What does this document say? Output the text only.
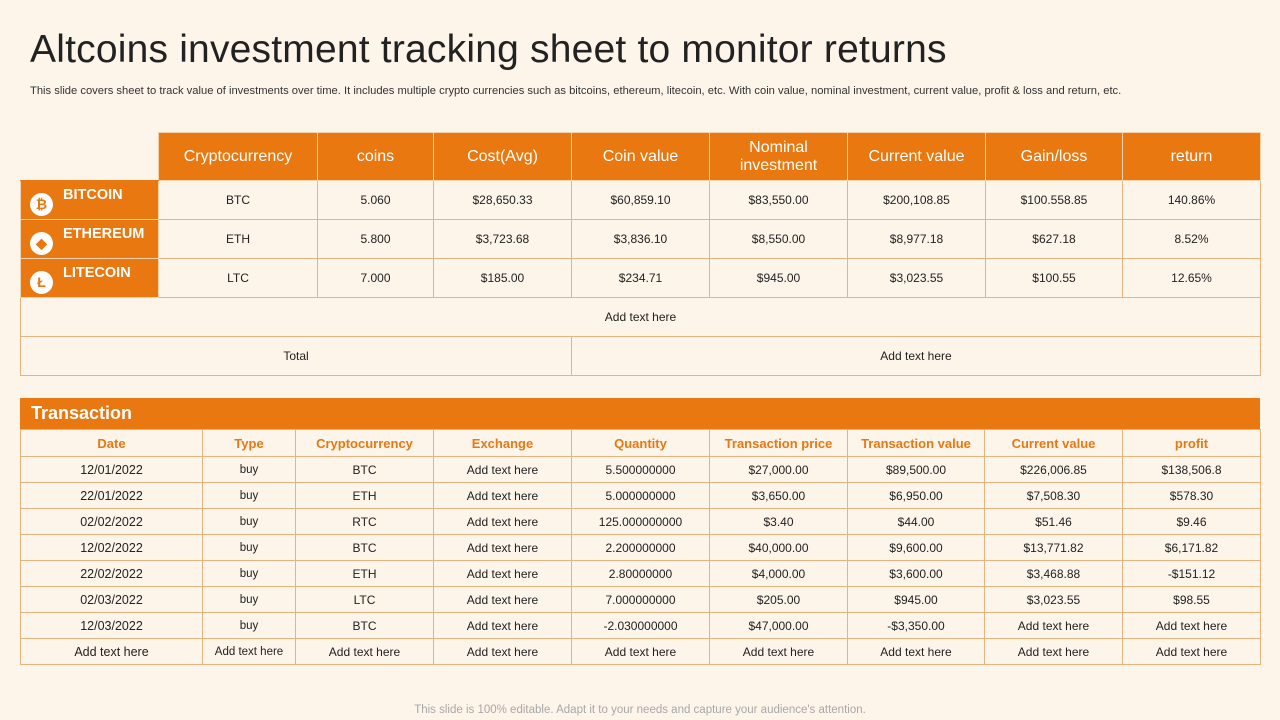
Altcoins investment tracking sheet to monitor returns
This slide covers sheet to track value of investments over time. It includes multiple crypto currencies such as bitcoins, ethereum, litecoin, etc. With coin value, nominal investment, current value, profit & loss and return, etc.
	Cryptocurrency	coins	Cost(Avg)	Coin value	Nominal investment	Current value	Gain/loss	return

₿
BITCOIN	BTC	5.060	$28,650.33	$60,859.10	$83,550.00	$200,108.85	$100.558.85	140.86%

◆
ETHEREUM	ETH	5.800	$3,723.68	$3,836.10	$8,550.00	$8,977.18	$627.18	8.52%

Ł
LITECOIN	LTC	7.000	$185.00	$234.71	$945.00	$3,023.55	$100.55	12.65%
Add text here								
Total				Add text here				
Transaction
Date	Type	Cryptocurrency	Exchange	Quantity	Transaction price	Transaction value	Current value	profit
12/01/2022	buy	BTC	Add text here	5.500000000	$27,000.00	$89,500.00	$226,006.85	$138,506.8
22/01/2022	buy	ETH	Add text here	5.000000000	$3,650.00	$6,950.00	$7,508.30	$578.30
02/02/2022	buy	RTC	Add text here	125.000000000	$3.40	$44.00	$51.46	$9.46
12/02/2022	buy	BTC	Add text here	2.200000000	$40,000.00	$9,600.00	$13,771.82	$6,171.82
22/02/2022	buy	ETH	Add text here	2.80000000	$4,000.00	$3,600.00	$3,468.88	-$151.12
02/03/2022	buy	LTC	Add text here	7.000000000	$205.00	$945.00	$3,023.55	$98.55
12/03/2022	buy	BTC	Add text here	-2.030000000	$47,000.00	-$3,350.00	Add text here	Add text here
Add text here	Add text here	Add text here	Add text here	Add text here	Add text here	Add text here	Add text here	Add text here
This slide is 100% editable. Adapt it to your needs and capture your audience's attention.
